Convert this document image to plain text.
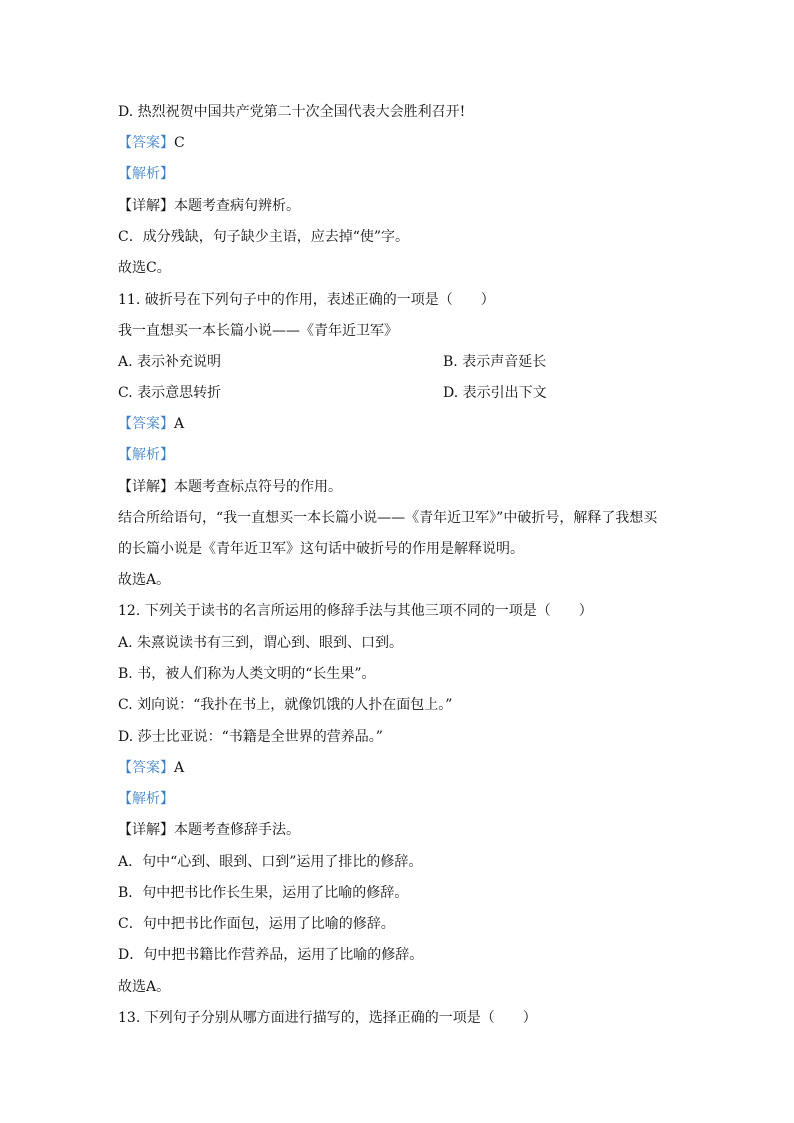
D. 热烈祝贺中国共产党第二十次全国代表大会胜利召开!
【答案】C
【解析】
【详解】本题考查病句辨析。
C．成分残缺，句子缺少主语，应去掉“使”字。
故选C。
11. 破折号在下列句子中的作用，表述正确的一项是（　　）
我一直想买一本长篇小说——《青年近卫军》
A. 表示补充说明	B. 表示声音延长
C. 表示意思转折	D. 表示引出下文
【答案】A
【解析】
【详解】本题考查标点符号的作用。
结合所给语句，“我一直想买一本长篇小说——《青年近卫军》”中破折号，解释了我想买
的长篇小说是《青年近卫军》这句话中破折号的作用是解释说明。
故选A。
12. 下列关于读书的名言所运用的修辞手法与其他三项不同的一项是（　　）
A. 朱熹说读书有三到，谓心到、眼到、口到。
B. 书，被人们称为人类文明的“长生果”。
C. 刘向说：“我扑在书上，就像饥饿的人扑在面包上。”
D. 莎士比亚说：“书籍是全世界的营养品。”
【答案】A
【解析】
【详解】本题考查修辞手法。
A．句中“心到、眼到、口到”运用了排比的修辞。
B．句中把书比作长生果，运用了比喻的修辞。
C．句中把书比作面包，运用了比喻的修辞。
D．句中把书籍比作营养品，运用了比喻的修辞。
故选A。
13. 下列句子分别从哪方面进行描写的，选择正确的一项是（　　）
